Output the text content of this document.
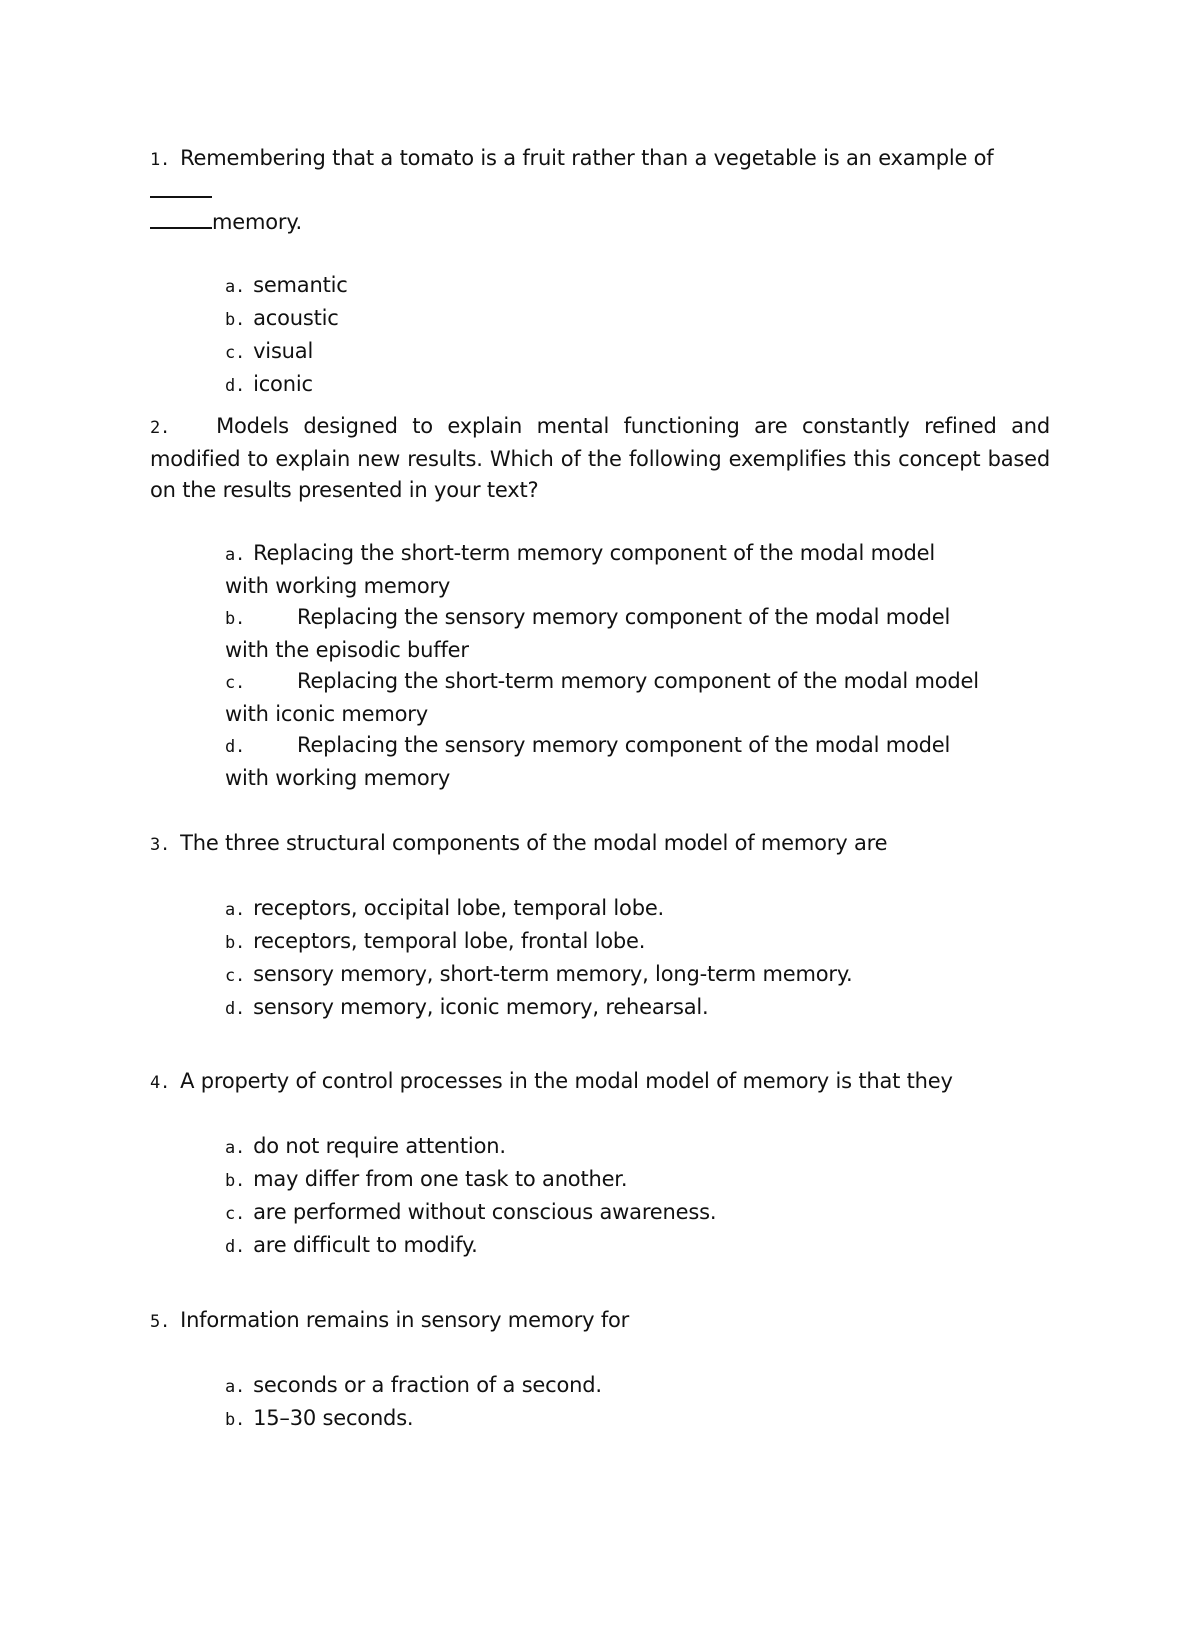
1. Remembering that a tomato is a fruit rather than a vegetable is an example of
memory.
a. semantic
b. acoustic
c. visual
d. iconic
2. Models designed to explain mental functioning are constantly refined and modified to explain new results. Which of the following exemplifies this concept based on the results presented in your text?
a. Replacing the short-term memory component of the modal model with working memory
b. Replacing the sensory memory component of the modal model with the episodic buffer
c. Replacing the short-term memory component of the modal model with iconic memory
d. Replacing the sensory memory component of the modal model with working memory
3. The three structural components of the modal model of memory are
a. receptors, occipital lobe, temporal lobe.
b. receptors, temporal lobe, frontal lobe.
c. sensory memory, short-term memory, long-term memory.
d. sensory memory, iconic memory, rehearsal.
4. A property of control processes in the modal model of memory is that they
a. do not require attention.
b. may differ from one task to another.
c. are performed without conscious awareness.
d. are difficult to modify.
5. Information remains in sensory memory for
a. seconds or a fraction of a second.
b. 15–30 seconds.
